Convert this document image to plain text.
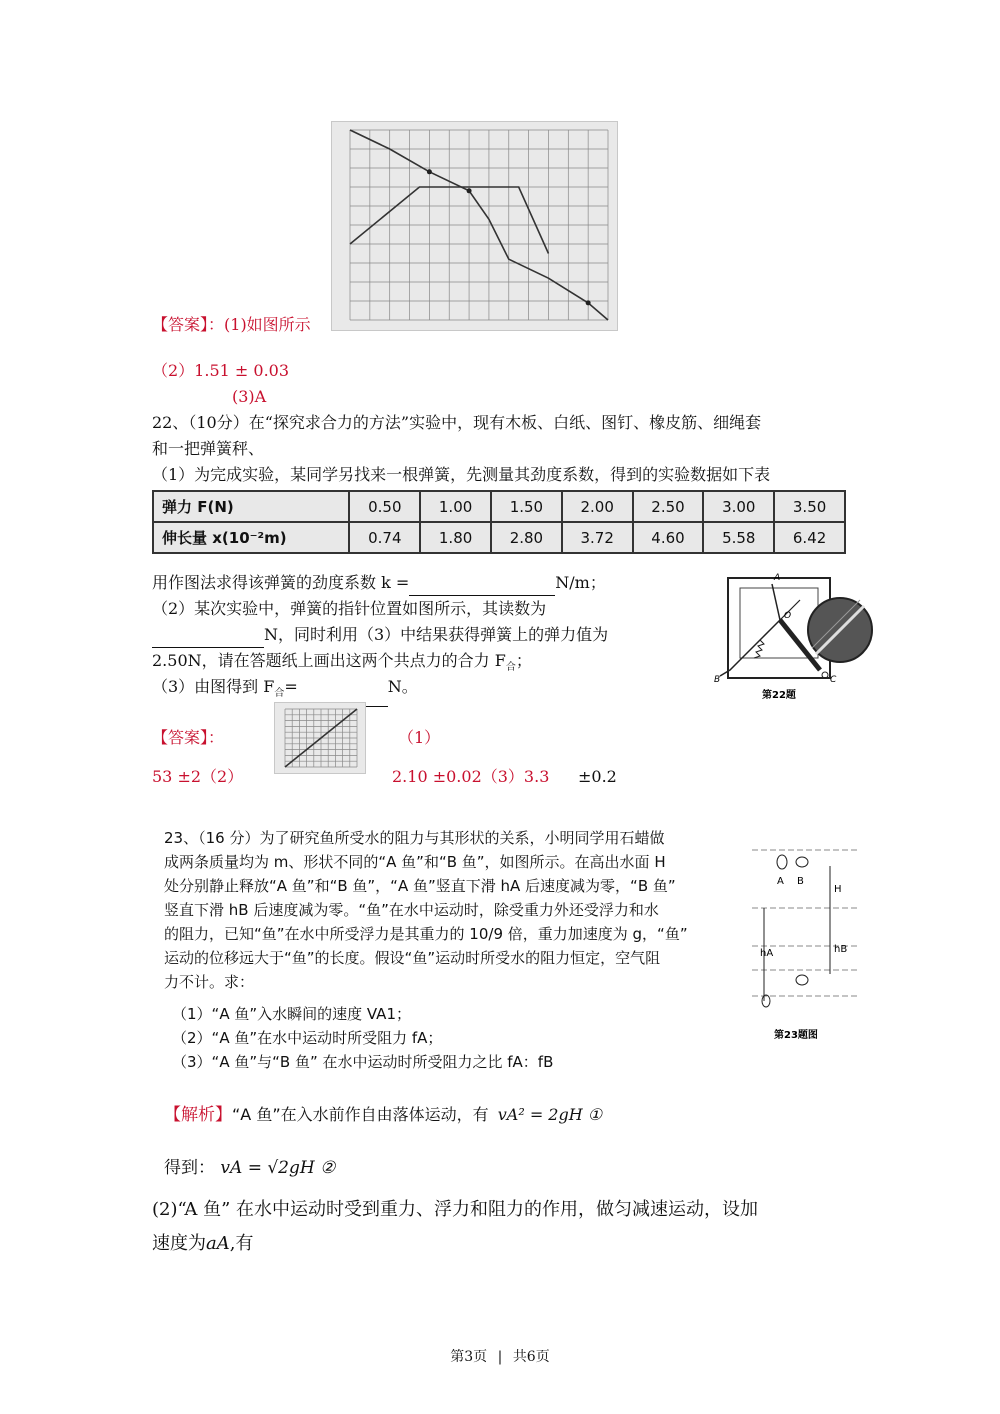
【答案】：(1)如图所示
（2）1.51 ± 0.03
(3)A
22、（10分）在“探究求合力的方法”实验中，现有木板、白纸、图钉、橡皮筋、细绳套
和一把弹簧秤、
（1）为完成实验，某同学另找来一根弹簧，先测量其劲度系数，得到的实验数据如下表
弹力 F(N)	0.50	1.00	1.50	2.00	2.50	3.00	3.50
伸长量 x(10⁻²m)	0.74	1.80	2.80	3.72	4.60	5.58	6.42
用作图法求得该弹簧的劲度系数 k =	N/m；
（2）某次实验中，弹簧的指针位置如图所示，其读数为
N，同时利用（3）中结果获得弹簧上的弹力值为
2.50N，请在答题纸上画出这两个共点力的合力 $F_合$；
（3）由图得到 $F_合=$	N。
A
O
B	C
第22题
【答案】：	（1）
53 ±2（2）	2.10 ±0.02（3）3.3 ±0.2
23、（16 分）为了研究鱼所受水的阻力与其形状的关系，小明同学用石蜡做
成两条质量均为 m、形状不同的“A 鱼”和“B 鱼”，如图所示。在高出水面 H
处分别静止释放“A 鱼”和“B 鱼”，“A 鱼”竖直下滑 hA 后速度减为零，“B 鱼”
竖直下滑 hB 后速度减为零。“鱼”在水中运动时，除受重力外还受浮力和水
的阻力，已知“鱼”在水中所受浮力是其重力的 10/9 倍，重力加速度为 g，“鱼”
运动的位移远大于“鱼”的长度。假设“鱼”运动时所受水的阻力恒定，空气阻
力不计。求：
（1）“A 鱼”入水瞬间的速度 VA1；
（2）“A 鱼”在水中运动时所受阻力 fA；
（3）“A 鱼”与“B 鱼” 在水中运动时所受阻力之比 fA：fB
A B
H
hA	hB
第23题图
【解析】“A 鱼”在入水前作自由落体运动，有 vA² = 2gH ①
得到： vA = √2gH ②
(2)“A 鱼” 在水中运动时受到重力、浮力和阻力的作用，做匀减速运动，设加
速度为aA,有
第3页 | 共6页
